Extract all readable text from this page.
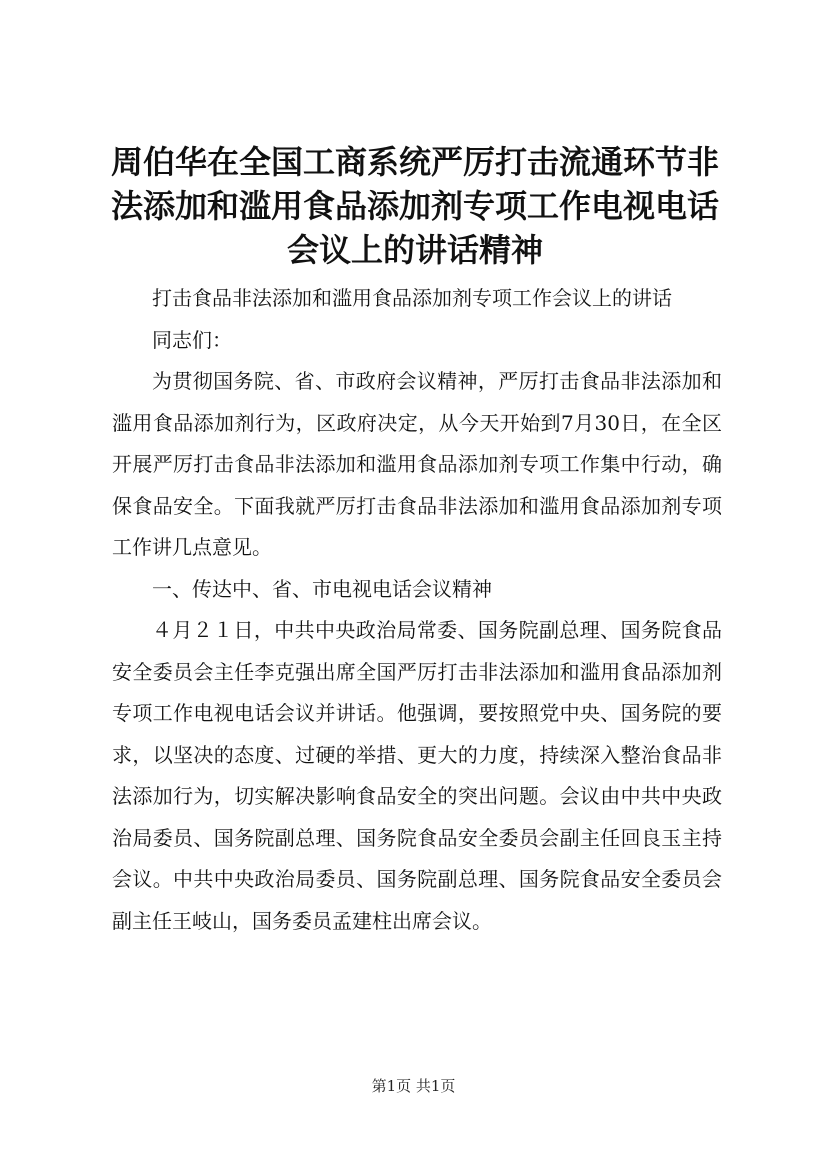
周伯华在全国工商系统严厉打击流通环节非法添加和滥用食品添加剂专项工作电视电话会议上的讲话精神

打击食品非法添加和滥用食品添加剂专项工作会议上的讲话

同志们：

为贯彻国务院、省、市政府会议精神，严厉打击食品非法添加和滥用食品添加剂行为，区政府决定，从今天开始到7月30日，在全区开展严厉打击食品非法添加和滥用食品添加剂专项工作集中行动，确保食品安全。下面我就严厉打击食品非法添加和滥用食品添加剂专项工作讲几点意见。

一、传达中、省、市电视电话会议精神

４月２１日，中共中央政治局常委、国务院副总理、国务院食品安全委员会主任李克强出席全国严厉打击非法添加和滥用食品添加剂专项工作电视电话会议并讲话。他强调，要按照党中央、国务院的要求，以坚决的态度、过硬的举措、更大的力度，持续深入整治食品非法添加行为，切实解决影响食品安全的突出问题。会议由中共中央政治局委员、国务院副总理、国务院食品安全委员会副主任回良玉主持会议。中共中央政治局委员、国务院副总理、国务院食品安全委员会副主任王岐山，国务委员孟建柱出席会议。

第1页 共1页
